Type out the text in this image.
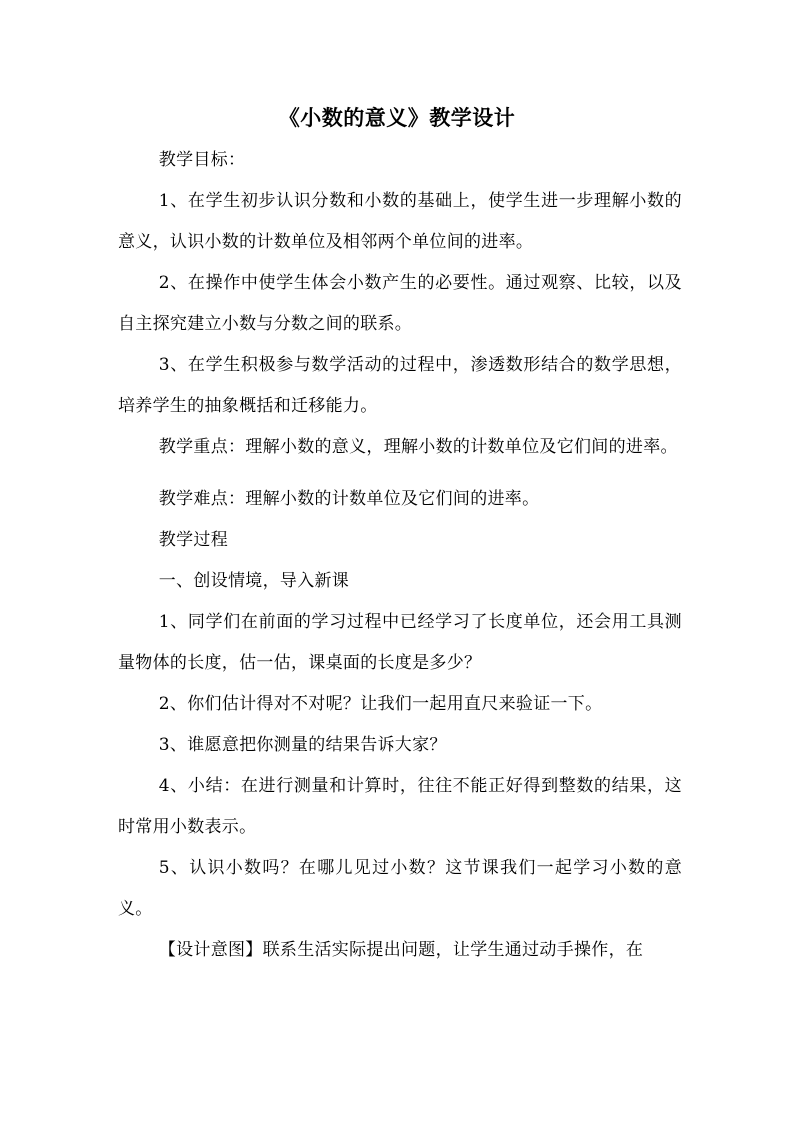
《小数的意义》教学设计

教学目标：

1、在学生初步认识分数和小数的基础上，使学生进一步理解小数的意义，认识小数的计数单位及相邻两个单位间的进率。

2、在操作中使学生体会小数产生的必要性。通过观察、比较，以及自主探究建立小数与分数之间的联系。

3、在学生积极参与数学活动的过程中，渗透数形结合的数学思想，培养学生的抽象概括和迁移能力。

教学重点：理解小数的意义，理解小数的计数单位及它们间的进率。

教学难点：理解小数的计数单位及它们间的进率。

教学过程

一、创设情境，导入新课

1、同学们在前面的学习过程中已经学习了长度单位，还会用工具测量物体的长度，估一估，课桌面的长度是多少？

2、你们估计得对不对呢？让我们一起用直尺来验证一下。

3、谁愿意把你测量的结果告诉大家？

4、小结：在进行测量和计算时，往往不能正好得到整数的结果，这时常用小数表示。

5、认识小数吗？在哪儿见过小数？这节课我们一起学习小数的意义。

【设计意图】联系生活实际提出问题，让学生通过动手操作，在
